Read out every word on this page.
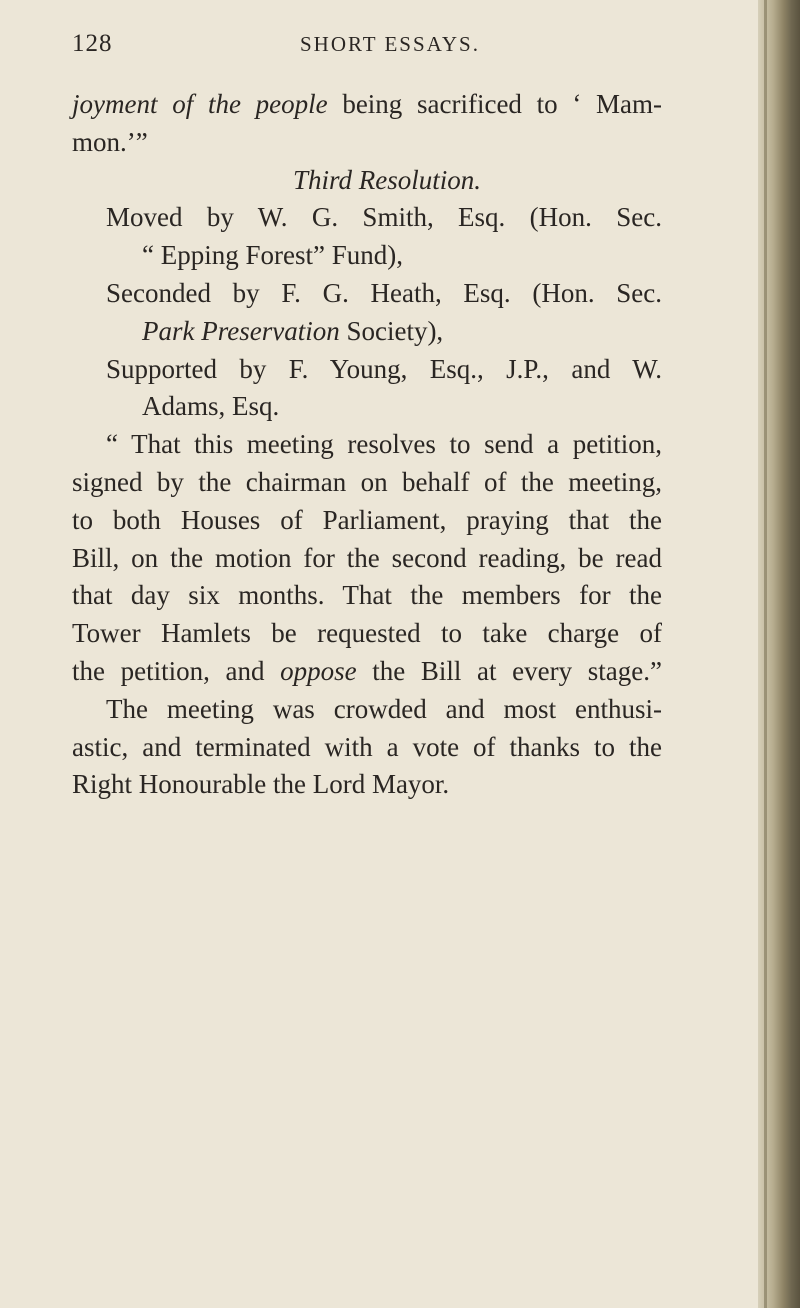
128	SHORT ESSAYS.
joyment of the people being sacrificed to ‘ Mam-
mon.’”
Third Resolution.
Moved by W. G. Smith, Esq. (Hon. Sec.
“ Epping Forest” Fund),
Seconded by F. G. Heath, Esq. (Hon. Sec.
Park Preservation Society),
Supported by F. Young, Esq., J.P., and W.
Adams, Esq.
“ That this meeting resolves to send a petition,
signed by the chairman on behalf of the meeting,
to both Houses of Parliament, praying that the
Bill, on the motion for the second reading, be read
that day six months. That the members for the
Tower Hamlets be requested to take charge of
the petition, and oppose the Bill at every stage.”
The meeting was crowded and most enthusi-
astic, and terminated with a vote of thanks to the
Right Honourable the Lord Mayor.
